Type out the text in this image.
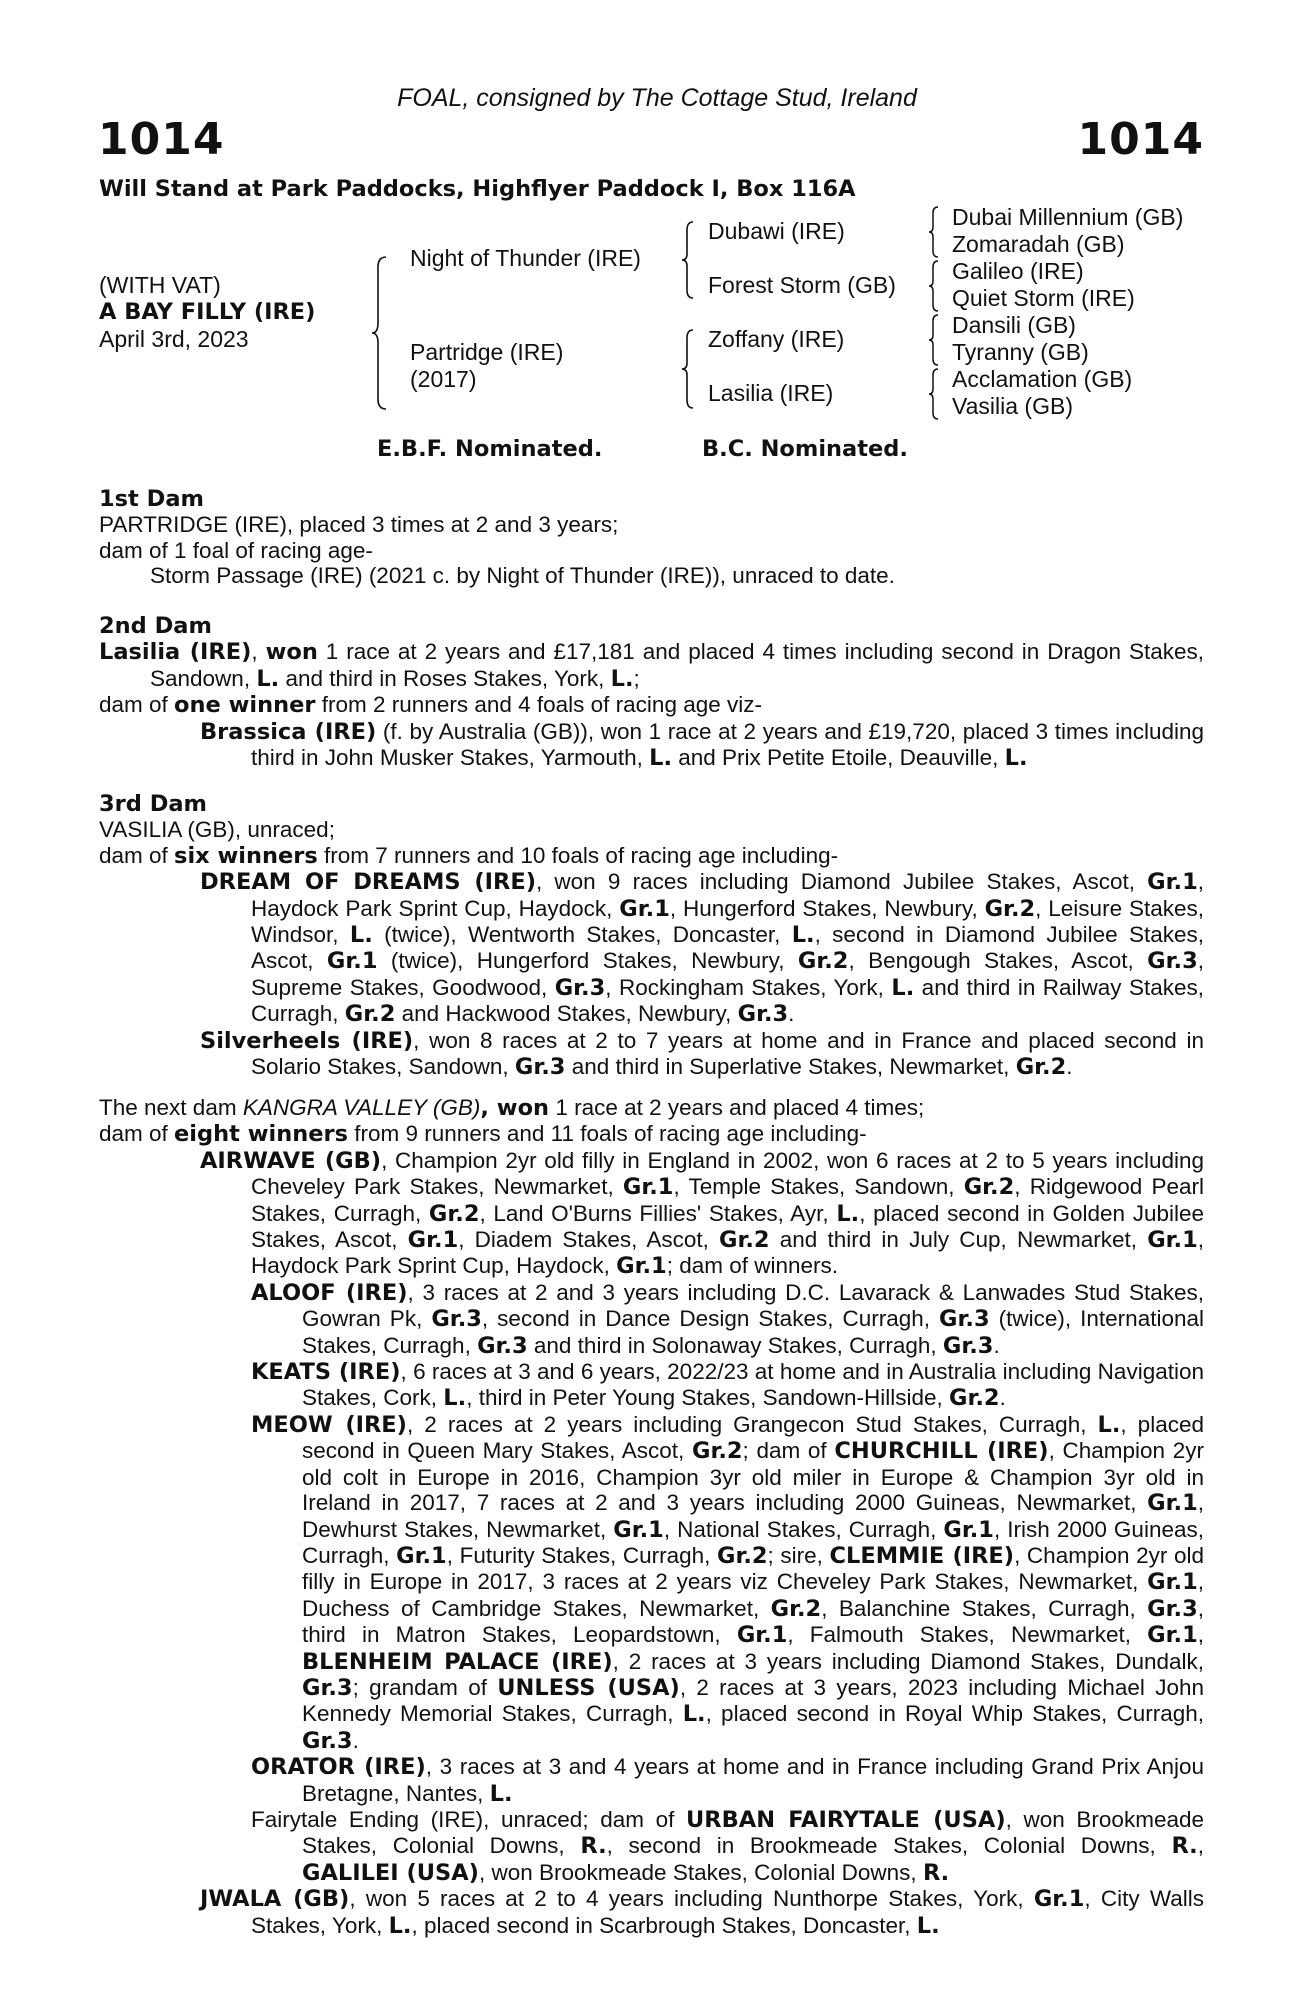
FOAL, consigned by The Cottage Stud, Ireland
1014	1014
Will Stand at Park Paddocks, Highflyer Paddock I, Box 116A
(WITH VAT)
A BAY FILLY (IRE)
April 3rd, 2023
Night of Thunder (IRE)
Partridge (IRE)
(2017)
Dubawi (IRE)
Forest Storm (GB)
Zoffany (IRE)
Lasilia (IRE)
Dubai Millennium (GB)
Zomaradah (GB)
Galileo (IRE)
Quiet Storm (IRE)
Dansili (GB)
Tyranny (GB)
Acclamation (GB)
Vasilia (GB)
E.B.F. Nominated.	B.C. Nominated.

1st Dam

PARTRIDGE (IRE), placed 3 times at 2 and 3 years;

dam of 1 foal of racing age-

Storm Passage (IRE) (2021 c. by Night of Thunder (IRE)), unraced to date.

2nd Dam

Lasilia (IRE), won 1 race at 2 years and £17,181 and placed 4 times including second in Dragon Stakes, Sandown, L. and third in Roses Stakes, York, L.;

dam of one winner from 2 runners and 4 foals of racing age viz-

Brassica (IRE) (f. by Australia (GB)), won 1 race at 2 years and £19,720, placed 3 times including third in John Musker Stakes, Yarmouth, L. and Prix Petite Etoile, Deauville, L.

3rd Dam

VASILIA (GB), unraced;

dam of six winners from 7 runners and 10 foals of racing age including-

DREAM OF DREAMS (IRE), won 9 races including Diamond Jubilee Stakes, Ascot, Gr.1, Haydock Park Sprint Cup, Haydock, Gr.1, Hungerford Stakes, Newbury, Gr.2, Leisure Stakes, Windsor, L. (twice), Wentworth Stakes, Doncaster, L., second in Diamond Jubilee Stakes, Ascot, Gr.1 (twice), Hungerford Stakes, Newbury, Gr.2, Bengough Stakes, Ascot, Gr.3, Supreme Stakes, Goodwood, Gr.3, Rockingham Stakes, York, L. and third in Railway Stakes, Curragh, Gr.2 and Hackwood Stakes, Newbury, Gr.3.

Silverheels (IRE), won 8 races at 2 to 7 years at home and in France and placed second in Solario Stakes, Sandown, Gr.3 and third in Superlative Stakes, Newmarket, Gr.2.

The next dam KANGRA VALLEY (GB), won 1 race at 2 years and placed 4 times;

dam of eight winners from 9 runners and 11 foals of racing age including-

AIRWAVE (GB), Champion 2yr old filly in England in 2002, won 6 races at 2 to 5 years including Cheveley Park Stakes, Newmarket, Gr.1, Temple Stakes, Sandown, Gr.2, Ridgewood Pearl Stakes, Curragh, Gr.2, Land O'Burns Fillies' Stakes, Ayr, L., placed second in Golden Jubilee Stakes, Ascot, Gr.1, Diadem Stakes, Ascot, Gr.2 and third in July Cup, Newmarket, Gr.1, Haydock Park Sprint Cup, Haydock, Gr.1; dam of winners.

ALOOF (IRE), 3 races at 2 and 3 years including D.C. Lavarack & Lanwades Stud Stakes, Gowran Pk, Gr.3, second in Dance Design Stakes, Curragh, Gr.3 (twice), International Stakes, Curragh, Gr.3 and third in Solonaway Stakes, Curragh, Gr.3.

KEATS (IRE), 6 races at 3 and 6 years, 2022/23 at home and in Australia including Navigation Stakes, Cork, L., third in Peter Young Stakes, Sandown-Hillside, Gr.2.

MEOW (IRE), 2 races at 2 years including Grangecon Stud Stakes, Curragh, L., placed second in Queen Mary Stakes, Ascot, Gr.2; dam of CHURCHILL (IRE), Champion 2yr old colt in Europe in 2016, Champion 3yr old miler in Europe & Champion 3yr old in Ireland in 2017, 7 races at 2 and 3 years including 2000 Guineas, Newmarket, Gr.1, Dewhurst Stakes, Newmarket, Gr.1, National Stakes, Curragh, Gr.1, Irish 2000 Guineas, Curragh, Gr.1, Futurity Stakes, Curragh, Gr.2; sire, CLEMMIE (IRE), Champion 2yr old filly in Europe in 2017, 3 races at 2 years viz Cheveley Park Stakes, Newmarket, Gr.1, Duchess of Cambridge Stakes, Newmarket, Gr.2, Balanchine Stakes, Curragh, Gr.3, third in Matron Stakes, Leopardstown, Gr.1, Falmouth Stakes, Newmarket, Gr.1, BLENHEIM PALACE (IRE), 2 races at 3 years including Diamond Stakes, Dundalk, Gr.3; grandam of UNLESS (USA), 2 races at 3 years, 2023 including Michael John Kennedy Memorial Stakes, Curragh, L., placed second in Royal Whip Stakes, Curragh, Gr.3.

ORATOR (IRE), 3 races at 3 and 4 years at home and in France including Grand Prix Anjou Bretagne, Nantes, L.

Fairytale Ending (IRE), unraced; dam of URBAN FAIRYTALE (USA), won Brookmeade Stakes, Colonial Downs, R., second in Brookmeade Stakes, Colonial Downs, R., GALILEI (USA), won Brookmeade Stakes, Colonial Downs, R.

JWALA (GB), won 5 races at 2 to 4 years including Nunthorpe Stakes, York, Gr.1, City Walls Stakes, York, L., placed second in Scarbrough Stakes, Doncaster, L.
